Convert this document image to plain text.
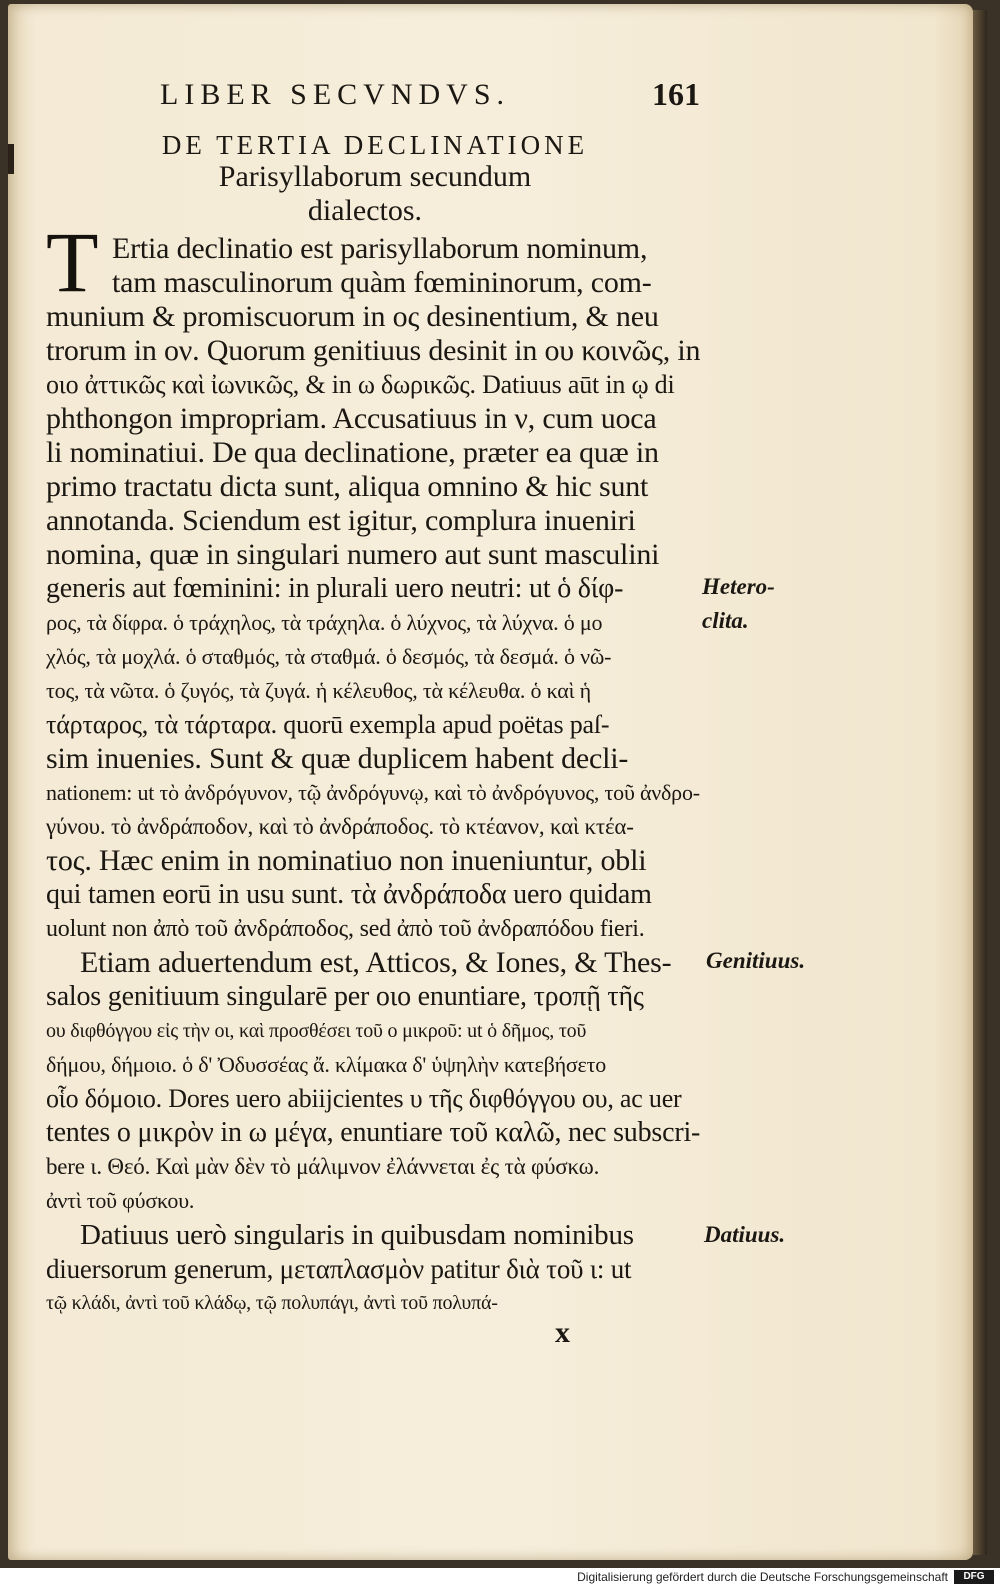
LIBER SECVNDVS.	161
DE TERTIA DECLINATIONE
Parisyllaborum secundum
dialectos.
T Ertia declinatio est parisyllaborum nominum,
tam masculinorum quàm fœmininorum, com-
munium & promiscuorum in ος desinentium, & neu
trorum in ον. Quorum genitiuus desinit in ου κοινῶς, in
οιο ἀττικῶς καὶ ἰωνικῶς, & in ω δωρικῶς. Datiuus aūt in ῳ di
phthongon impropriam. Accusatiuus in ν, cum uoca
li nominatiui. De qua declinatione, præter ea quæ in
primo tractatu dicta sunt, aliqua omnino & hic sunt
annotanda. Sciendum est igitur, complura inueniri
nomina, quæ in singulari numero aut sunt masculini
generis aut fœminini: in plurali uero neutri: ut ὁ δίφ-
ρος, τὰ δίφρα. ὁ τράχηλος, τὰ τράχηλα. ὁ λύχνος, τὰ λύχνα. ὁ μο
χλός, τὰ μοχλά. ὁ σταθμός, τὰ σταθμά. ὁ δεσμός, τὰ δεσμά. ὁ νῶ-
τος, τὰ νῶτα. ὁ ζυγός, τὰ ζυγά. ἡ κέλευθος, τὰ κέλευθα. ὁ καὶ ἡ
τάρταρος, τὰ τάρταρα. quorū exempla apud poëtas paſ-
sim inuenies. Sunt & quæ duplicem habent decli-
nationem: ut τὸ ἀνδρόγυνον, τῷ ἀνδρόγυνῳ, καὶ τὸ ἀνδρόγυνος, τοῦ ἀνδρο-
γύνου. τὸ ἀνδράποδον, καὶ τὸ ἀνδράποδος. τὸ κτέανον, καὶ κτέα-
τος. Hæc enim in nominatiuo non inueniuntur, obli
qui tamen eorū in usu sunt. τὰ ἀνδράποδα uero quidam
uolunt non ἀπὸ τοῦ ἀνδράποδος, sed ἀπὸ τοῦ ἀνδραπόδου fieri.
Etiam aduertendum est, Atticos, & Iones, & Thes-
salos genitiuum singularē per οιο enuntiare, τροπῇ τῆς
ου διφθόγγου εἰς τὴν οι, καὶ προσθέσει τοῦ ο μικροῦ: ut ὁ δῆμος, τοῦ
δήμου, δήμοιο. ὁ δ' Ὀδυσσέας ἄ. κλίμακα δ' ὑψηλὴν κατεβήσετο
οἷο δόμοιο. Dores uero abiĳcientes υ τῆς διφθόγγου ου, ac uer
tentes ο μικρὸν in ω μέγα, enuntiare τοῦ καλῶ, nec subscri-
bere ι. Θεό. Καὶ μὰν δὲν τὸ μάλιμνον ἐλάννεται ἐς τὰ φύσκω.
ἀντὶ τοῦ φύσκου.
Datiuus uerò singularis in quibusdam nominibus
diuersorum generum, μεταπλασμὸν patitur διὰ τοῦ ι: ut
τῷ κλάδι, ἀντὶ τοῦ κλάδῳ, τῷ πολυπάγι, ἀντὶ τοῦ πολυπά-
Hetero-
clita.
Genitiuus.
Datiuus.
x
Digitalisierung gefördert durch die Deutsche Forschungsgemeinschaft	DFG
